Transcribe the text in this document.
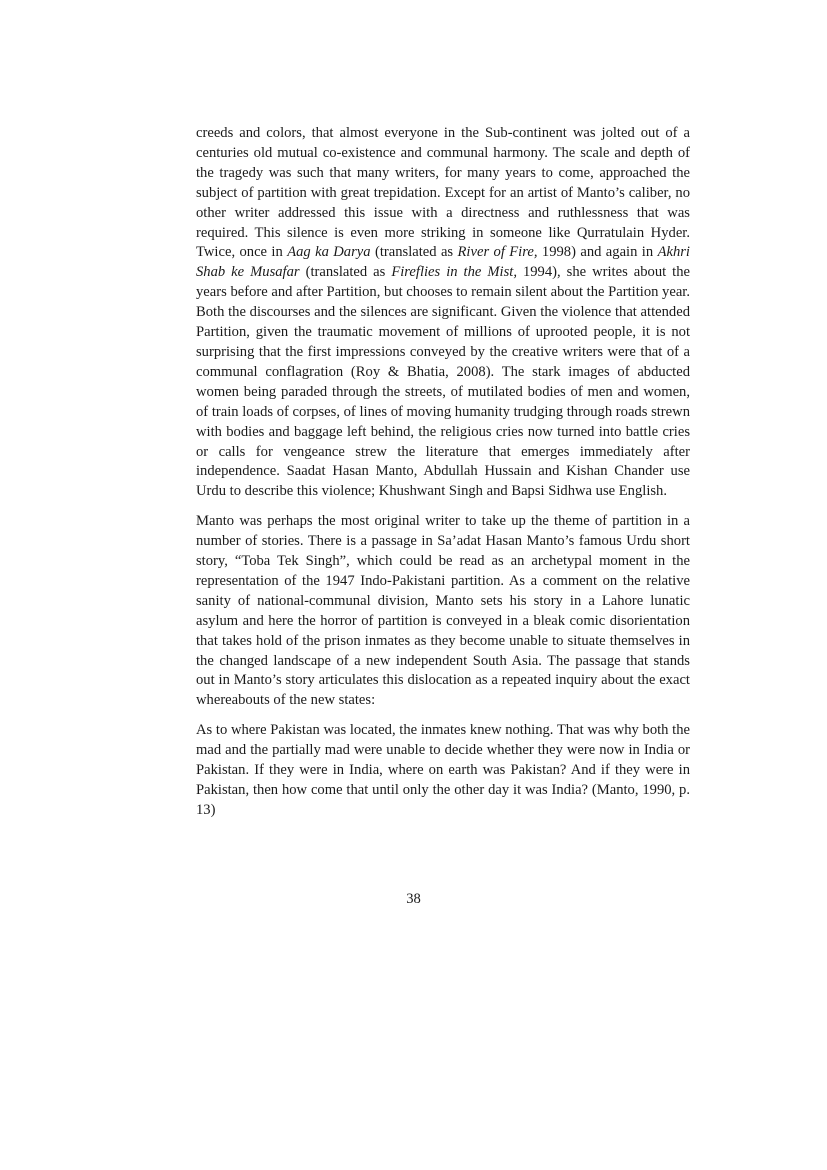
creeds and colors, that almost everyone in the Sub-continent was jolted out of a centuries old mutual co-existence and communal harmony. The scale and depth of the tragedy was such that many writers, for many years to come, approached the subject of partition with great trepidation. Except for an artist of Manto’s caliber, no other writer addressed this issue with a directness and ruthlessness that was required. This silence is even more striking in someone like Qurratulain Hyder. Twice, once in Aag ka Darya (translated as River of Fire, 1998) and again in Akhri Shab ke Musafar (translated as Fireflies in the Mist, 1994), she writes about the years before and after Partition, but chooses to remain silent about the Partition year. Both the discourses and the silences are significant. Given the violence that attended Partition, given the traumatic movement of millions of uprooted people, it is not surprising that the first impressions conveyed by the creative writers were that of a communal conflagration (Roy & Bhatia, 2008). The stark images of abducted women being paraded through the streets, of mutilated bodies of men and women, of train loads of corpses, of lines of moving humanity trudging through roads strewn with bodies and baggage left behind, the religious cries now turned into battle cries or calls for vengeance strew the literature that emerges immediately after independence. Saadat Hasan Manto, Abdullah Hussain and Kishan Chander use Urdu to describe this violence; Khushwant Singh and Bapsi Sidhwa use English.

Manto was perhaps the most original writer to take up the theme of partition in a number of stories. There is a passage in Sa’adat Hasan Manto’s famous Urdu short story, “Toba Tek Singh”, which could be read as an archetypal moment in the representation of the 1947 Indo-Pakistani partition. As a comment on the relative sanity of national-communal division, Manto sets his story in a Lahore lunatic asylum and here the horror of partition is conveyed in a bleak comic disorientation that takes hold of the prison inmates as they become unable to situate themselves in the changed landscape of a new independent South Asia. The passage that stands out in Manto’s story articulates this dislocation as a repeated inquiry about the exact whereabouts of the new states:

As to where Pakistan was located, the inmates knew nothing. That was why both the mad and the partially mad were unable to decide whether they were now in India or Pakistan. If they were in India, where on earth was Pakistan? And if they were in Pakistan, then how come that until only the other day it was India? (Manto, 1990, p. 13)

38
